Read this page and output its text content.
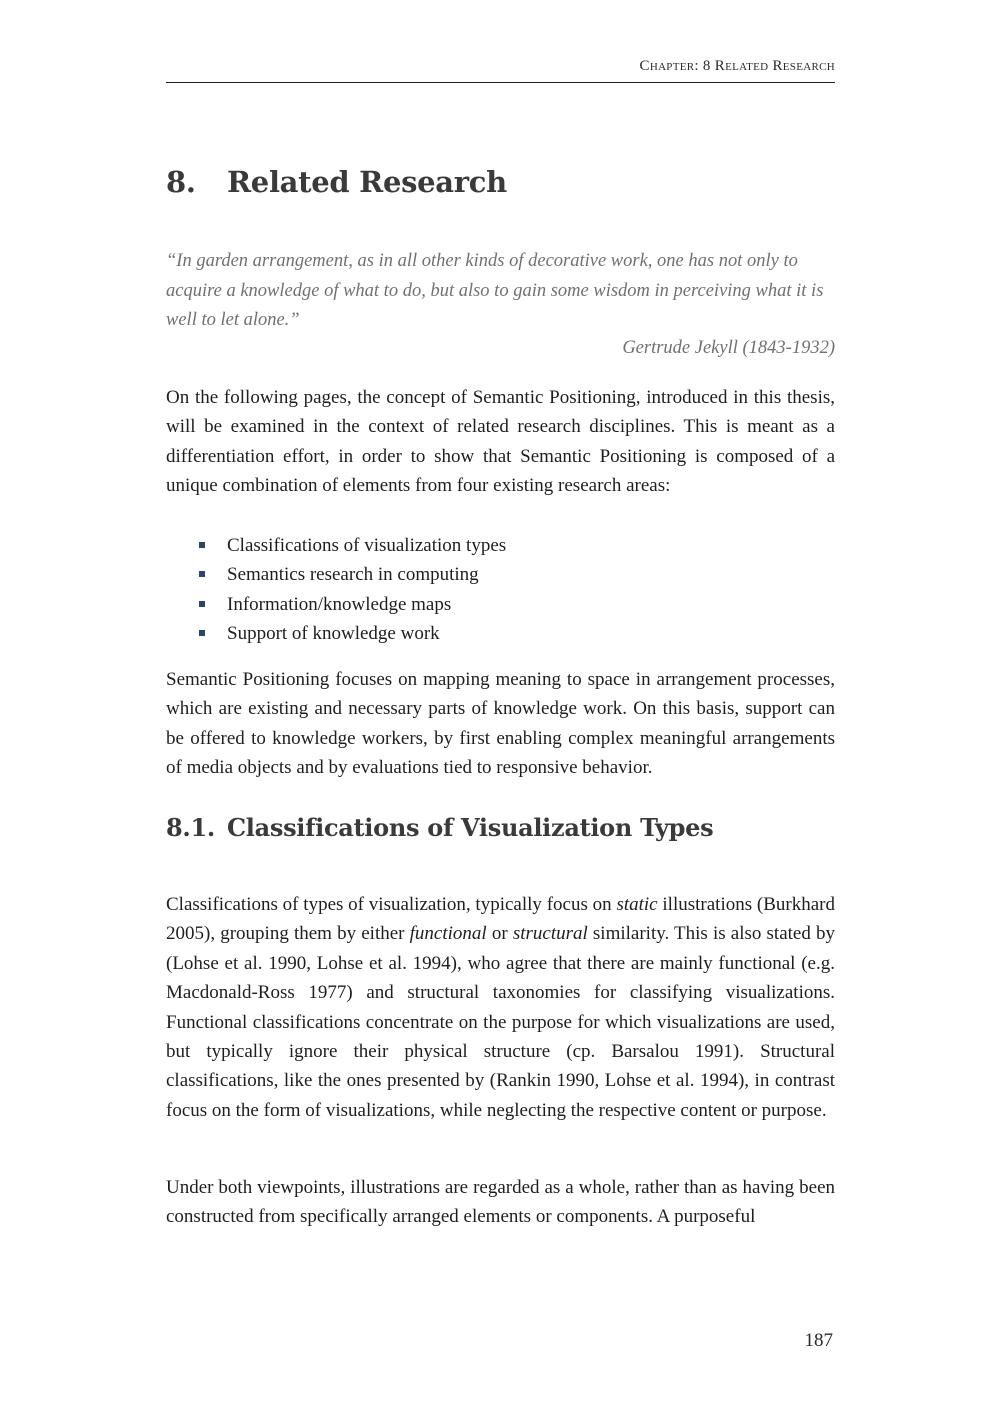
Chapter: 8 Related Research
8. Related Research
“In garden arrangement, as in all other kinds of decorative work, one has not only to acquire a knowledge of what to do, but also to gain some wisdom in perceiving what it is well to let alone.”
Gertrude Jekyll (1843-1932)

On the following pages, the concept of Semantic Positioning, introduced in this thesis, will be examined in the context of related research disciplines. This is meant as a differentiation effort, in order to show that Semantic Positioning is composed of a unique combination of elements from four existing research areas:

Classifications of visualization types
Semantics research in computing
Information/knowledge maps
Support of knowledge work

Semantic Positioning focuses on mapping meaning to space in arrangement processes, which are existing and necessary parts of knowledge work. On this basis, support can be offered to knowledge workers, by first enabling complex meaningful arrangements of media objects and by evaluations tied to responsive behavior.

8.1. Classifications of Visualization Types

Classifications of types of visualization, typically focus on static illustrations (Burkhard 2005), grouping them by either functional or structural similarity. This is also stated by (Lohse et al. 1990, Lohse et al. 1994), who agree that there are mainly functional (e.g. Macdonald-Ross 1977) and structural taxonomies for classifying visualizations. Functional classifications concentrate on the purpose for which visualizations are used, but typically ignore their physical structure (cp. Barsalou 1991). Structural classifications, like the ones presented by (Rankin 1990, Lohse et al. 1994), in contrast focus on the form of visualizations, while neglecting the respective content or purpose.

Under both viewpoints, illustrations are regarded as a whole, rather than as having been constructed from specifically arranged elements or components. A purposeful

187
